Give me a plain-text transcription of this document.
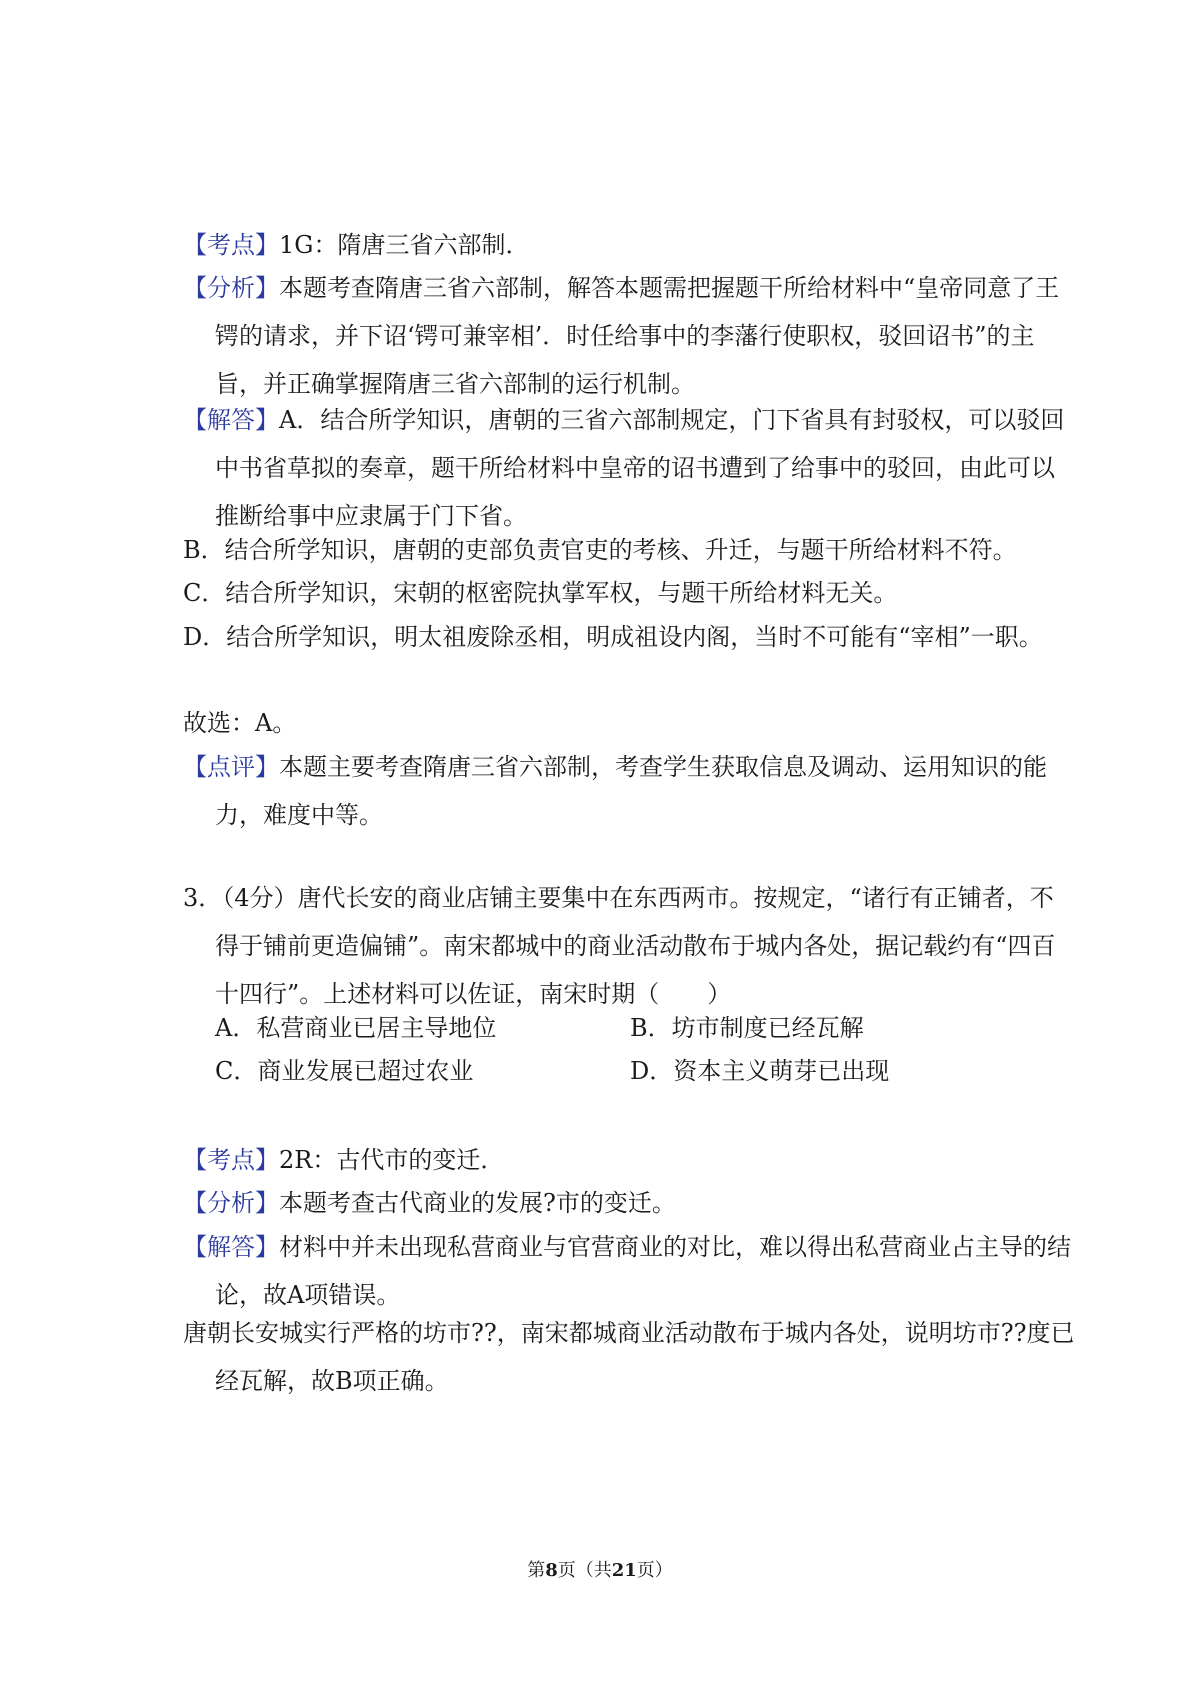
【考点】1G：隋唐三省六部制．
【分析】本题考查隋唐三省六部制，解答本题需把握题干所给材料中“皇帝同意了王锷的请求，并下诏‘锷可兼宰相’．时任给事中的李藩行使职权，驳回诏书”的主旨，并正确掌握隋唐三省六部制的运行机制。
【解答】A．结合所学知识，唐朝的三省六部制规定，门下省具有封驳权，可以驳回中书省草拟的奏章，题干所给材料中皇帝的诏书遭到了给事中的驳回，由此可以推断给事中应隶属于门下省。
B．结合所学知识，唐朝的吏部负责官吏的考核、升迁，与题干所给材料不符。
C．结合所学知识，宋朝的枢密院执掌军权，与题干所给材料无关。
D．结合所学知识，明太祖废除丞相，明成祖设内阁，当时不可能有“宰相”一职。
故选：A。
【点评】本题主要考查隋唐三省六部制，考查学生获取信息及调动、运用知识的能力，难度中等。
3．（4分）唐代长安的商业店铺主要集中在东西两市。按规定，“诸行有正铺者，不得于铺前更造偏铺”。南宋都城中的商业活动散布于城内各处，据记载约有“四百十四行”。上述材料可以佐证，南宋时期（　　）
A．私营商业已居主导地位	B．坊市制度已经瓦解
C．商业发展已超过农业	D．资本主义萌芽已出现
【考点】2R：古代市的变迁．
【分析】本题考查古代商业的发展?市的变迁。
【解答】材料中并未出现私营商业与官营商业的对比，难以得出私营商业占主导的结论，故A项错误。
唐朝长安城实行严格的坊市??，南宋都城商业活动散布于城内各处，说明坊市??度已经瓦解，故B项正确。
第8页（共21页）
